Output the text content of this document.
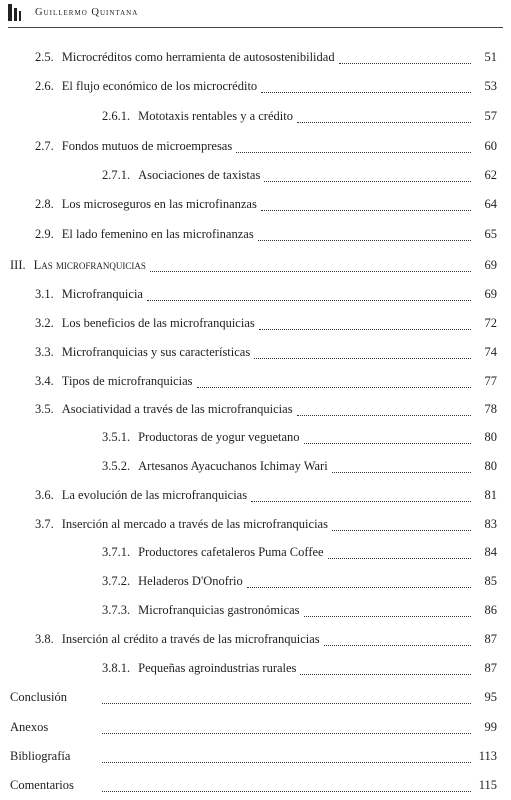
Guillermo Quintana
2.5. Microcréditos como herramienta de autosostenibilidad	51
2.6. El flujo económico de los microcrédito	53
2.6.1. Mototaxis rentables y a crédito	57
2.7. Fondos mutuos de microempresas	60
2.7.1. Asociaciones de taxistas	62
2.8. Los microseguros en las microfinanzas	64
2.9. El lado femenino en las microfinanzas	65
III. Las microfranquicias	69
3.1. Microfranquicia	69
3.2. Los beneficios de las microfranquicias	72
3.3. Microfranquicias y sus características	74
3.4. Tipos de microfranquicias	77
3.5. Asociatividad a través de las microfranquicias	78
3.5.1. Productoras de yogur veguetano	80
3.5.2. Artesanos Ayacuchanos Ichimay Wari	80
3.6. La evolución de las microfranquicias	81
3.7. Inserción al mercado a través de las microfranquicias	83
3.7.1. Productores cafetaleros Puma Coffee	84
3.7.2. Heladeros D'Onofrio	85
3.7.3. Microfranquicias gastronómicas	86
3.8. Inserción al crédito a través de las microfranquicias	87
3.8.1. Pequeñas agroindustrias rurales	87
Conclusión	95
Anexos	99
Bibliografía	113
Comentarios	115
